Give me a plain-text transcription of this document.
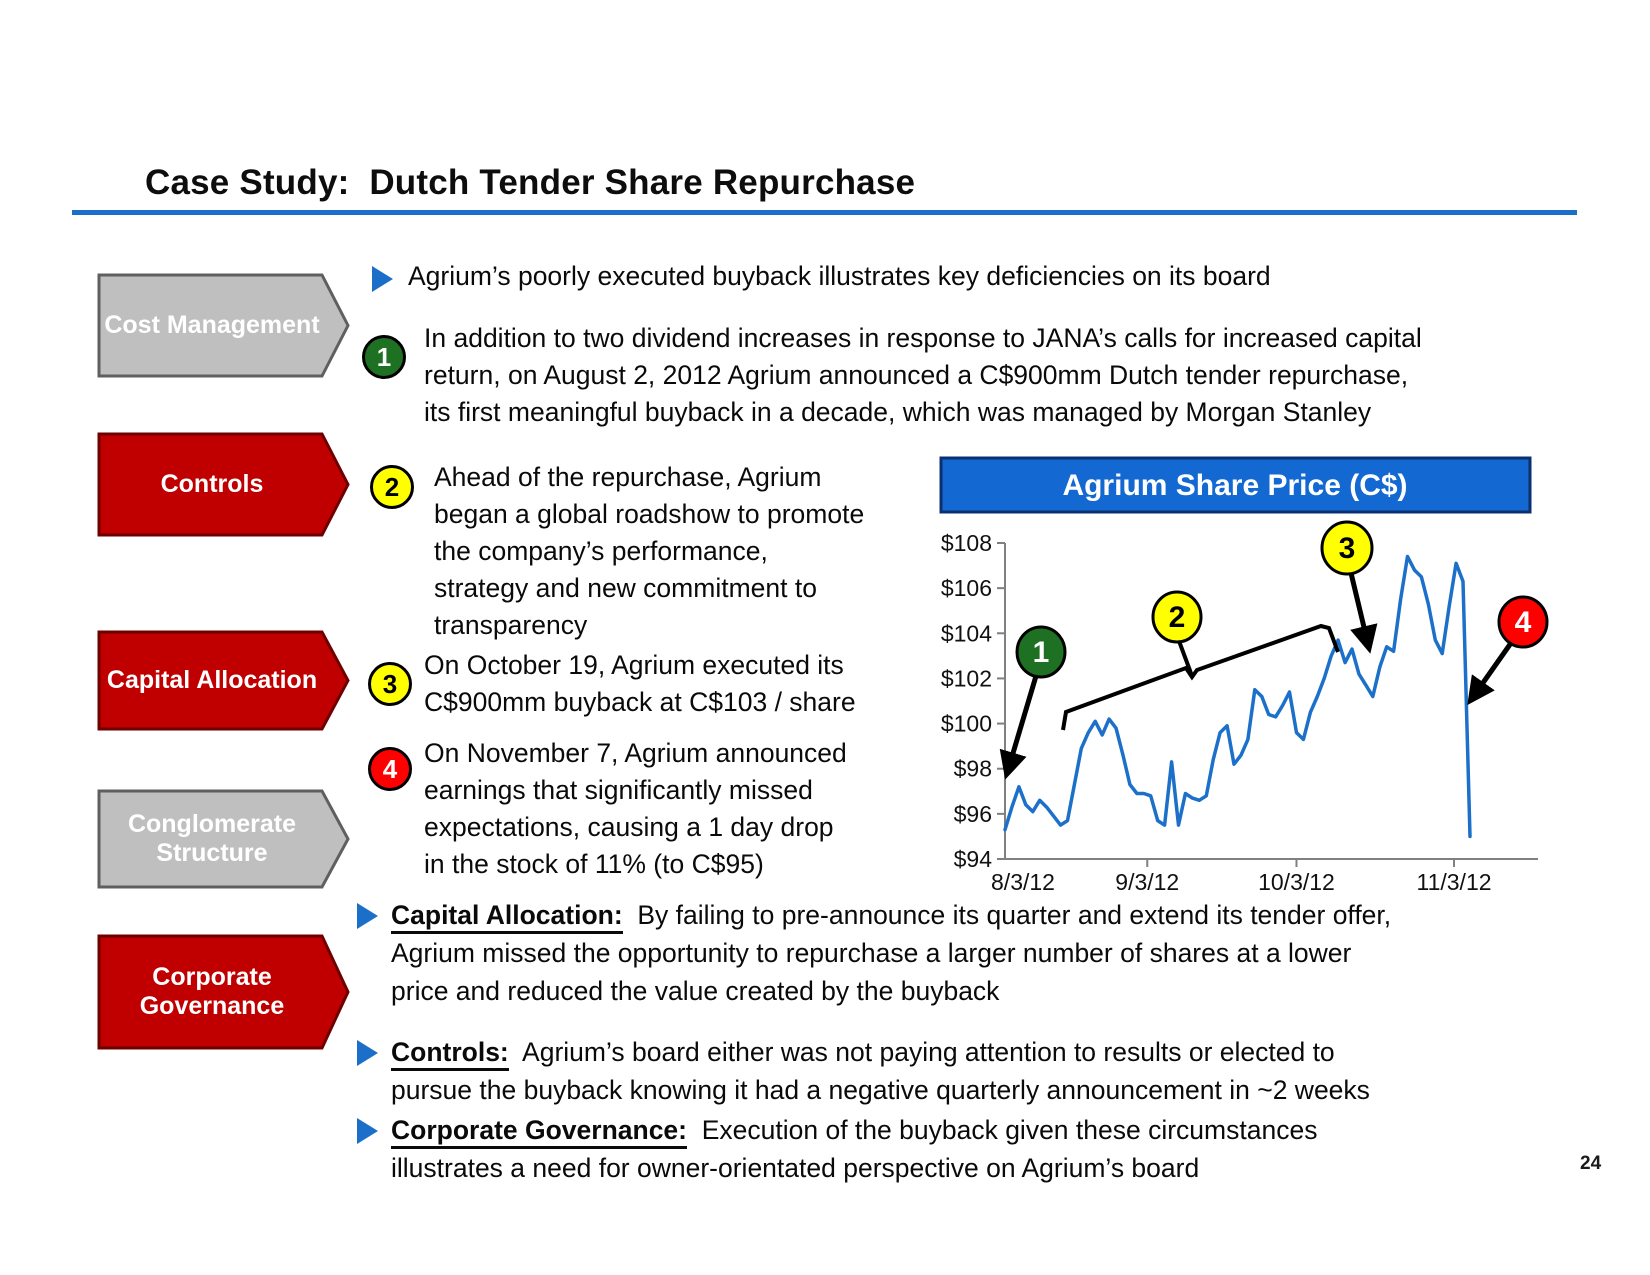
Case Study:  Dutch Tender Share Repurchase
Cost Management
Controls
Capital Allocation
Conglomerate Structure
Corporate Governance
Agrium’s poorly executed buyback illustrates key deficiencies on its board
1
In addition to two dividend increases in response to JANA’s calls for increased capital
return, on August 2, 2012 Agrium announced a C$900mm Dutch tender repurchase,
its first meaningful buyback in a decade, which was managed by Morgan Stanley
2	Ahead of the repurchase, Agrium
began a global roadshow to promote
the company’s performance,
strategy and new commitment to
transparency
3
On October 19, Agrium executed its
C$900mm buyback at C$103 / share
4
On November 7, Agrium announced
earnings that significantly missed
expectations, causing a 1 day drop
in the stock of 11% (to C$95)
Agrium Share Price (C$)
$108
$106
$104
$102
$100
$98
$96
$94
8/3/12	9/3/12	10/3/12	11/3/12
1
2
3
4
Capital Allocation:  By failing to pre-announce its quarter and extend its tender offer,
Agrium missed the opportunity to repurchase a larger number of shares at a lower
price and reduced the value created by the buyback
Controls:  Agrium’s board either was not paying attention to results or elected to
pursue the buyback knowing it had a negative quarterly announcement in ~2 weeks
Corporate Governance:  Execution of the buyback given these circumstances
illustrates a need for owner-orientated perspective on Agrium’s board	24
